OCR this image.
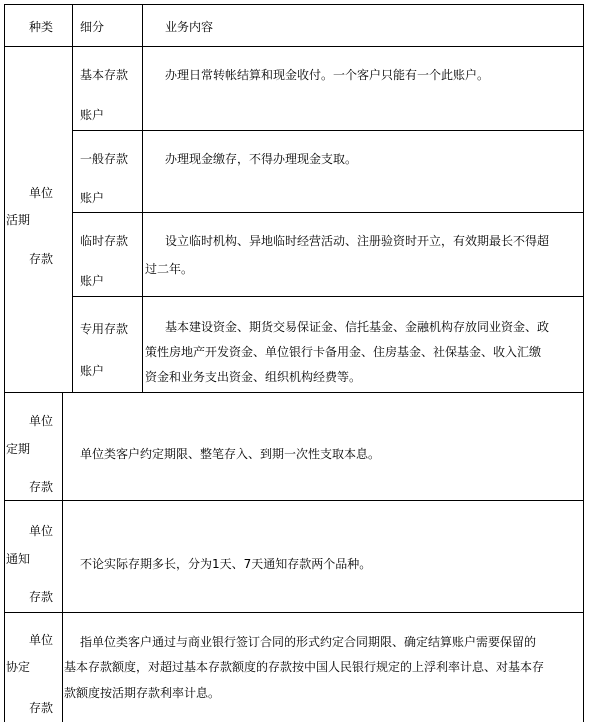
种类 细分	业务内容
单位
活期
存款
基本存款
账户
办理日常转帐结算和现金收付。一个客户只能有一个此账户。
一般存款
账户
办理现金缴存，不得办理现金支取。
临时存款
账户
设立临时机构、异地临时经营活动、注册验资时开立，有效期最长不得超
过二年。
专用存款
账户
基本建设资金、期货交易保证金、信托基金、金融机构存放同业资金、政
策性房地产开发资金、单位银行卡备用金、住房基金、社保基金、收入汇缴
资金和业务支出资金、组织机构经费等。
单位
定期
存款
单位类客户约定期限、整笔存入、到期一次性支取本息。
单位
通知
存款
不论实际存期多长，分为1天、7天通知存款两个品种。
单位
协定
存款
指单位类客户通过与商业银行签订合同的形式约定合同期限、确定结算账户需要保留的
基本存款额度，对超过基本存款额度的存款按中国人民银行规定的上浮利率计息、对基本存
款额度按活期存款利率计息。
